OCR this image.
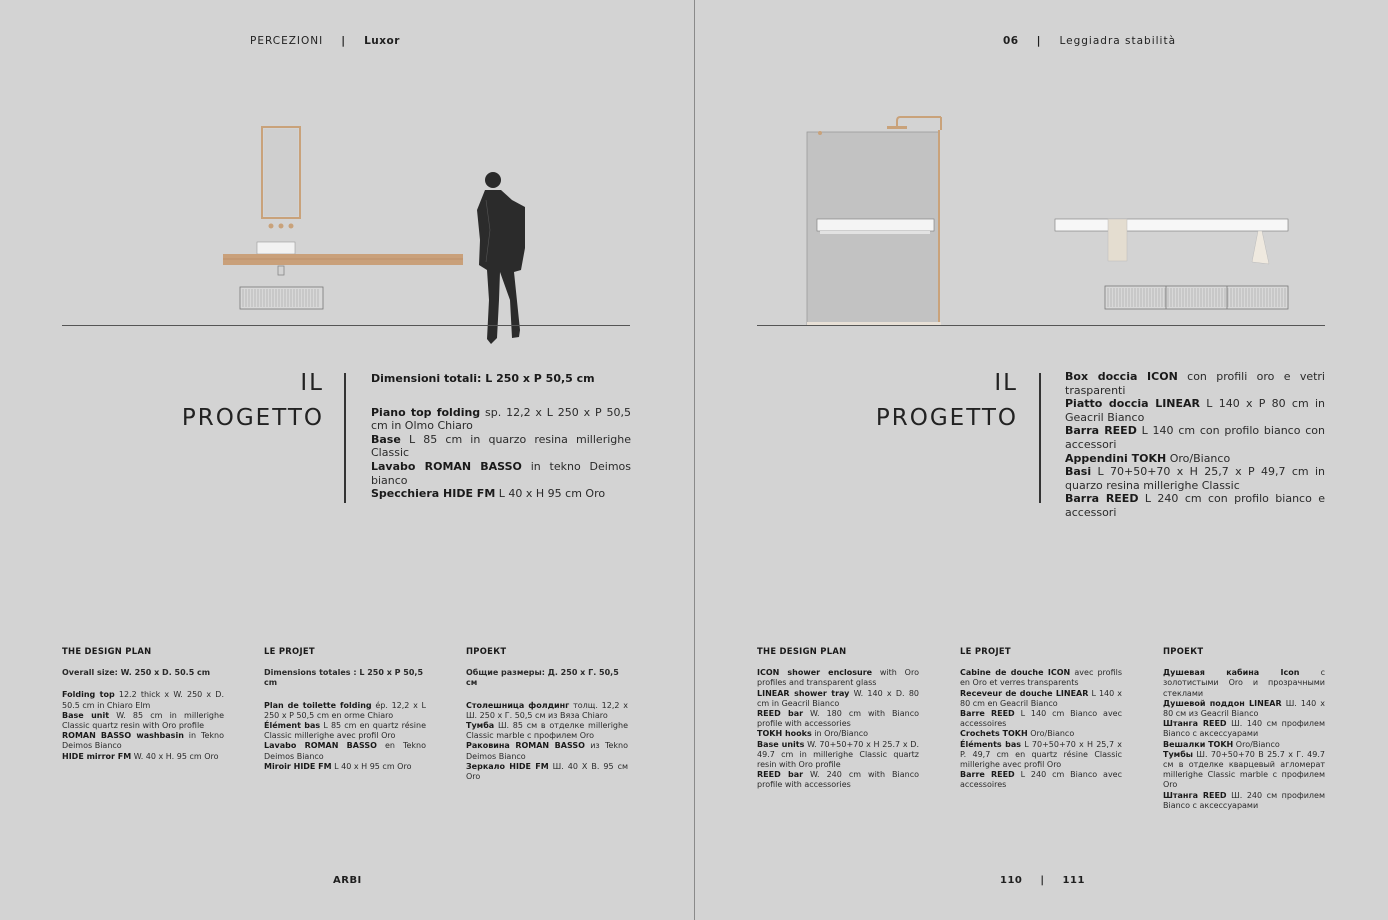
PERCEZIONI | Luxor
IL
PROGETTO

Dimensioni totali: L 250 x P 50,5 cm

Piano top folding sp. 12,2 x L 250 x P 50,5 cm in Olmo Chiaro

Base L 85 cm in quarzo resina millerighe Classic

Lavabo ROMAN BASSO in tekno Deimos bianco

Specchiera HIDE FM L 40 x H 95 cm Oro

THE DESIGN PLAN
Overall size: W. 250 x D. 50.5 cm

Folding top 12.2 thick x W. 250 x D. 50.5 cm in Chiaro Elm

Base unit W. 85 cm in millerighe Classic quartz resin with Oro profile

ROMAN BASSO washbasin in Tekno Deimos Bianco

HIDE mirror FM W. 40 x H. 95 cm Oro

LE PROJET
Dimensions totales : L 250 x P 50,5 cm

Plan de toilette folding ép. 12,2 x L 250 x P 50,5 cm en orme Chiaro

Élément bas L 85 cm en quartz résine Classic millerighe avec profil Oro

Lavabo ROMAN BASSO en Tekno Deimos Bianco

Miroir HIDE FM L 40 x H 95 cm Oro

ПРОЕКТ
Общие размеры: Д. 250 x Г. 50,5 см

Столешница фолдинг толщ. 12,2 x Ш. 250 x Г. 50,5 см из Вяза Chiaro

Тумба Ш. 85 см в отделке millerighe Classic marble с профилем Oro

Раковина ROMAN BASSO из Tekno Deimos Bianco

Зеркало HIDE FM Ш. 40 X В. 95 см Oro

ARBI
06 | Leggiadra stabilità
IL
PROGETTO

Box doccia ICON con profili oro e vetri trasparenti

Piatto doccia LINEAR L 140 x P 80 cm in Geacril Bianco

Barra REED L 140 cm con profilo bianco con accessori

Appendini TOKH Oro/Bianco

Basi L 70+50+70 x H 25,7 x P 49,7 cm in quarzo resina millerighe Classic

Barra REED L 240 cm con profilo bianco e accessori

THE DESIGN PLAN

ICON shower enclosure with Oro profiles and transparent glass

LINEAR shower tray W. 140 x D. 80 cm in Geacril Bianco

REED bar W. 180 cm with Bianco profile with accessories

TOKH hooks in Oro/Bianco

Base units W. 70+50+70 x H 25.7 x D. 49.7 cm in millerighe Classic quartz resin with Oro profile

REED bar W. 240 cm with Bianco profile with accessories

LE PROJET

Cabine de douche ICON avec profils en Oro et verres transparents

Receveur de douche LINEAR L 140 x 80 cm en Geacril Bianco

Barre REED L 140 cm Bianco avec accessoires

Crochets TOKH Oro/Bianco

Éléments bas L 70+50+70 x H 25,7 x P. 49,7 cm en quartz résine Classic millerighe avec profil Oro

Barre REED L 240 cm Bianco avec accessoires

ПРОЕКТ

Душевая кабина Icon с золотистыми Oro и прозрачными стеклами

Душевой поддон LINEAR Ш. 140 x 80 см из Geacril Bianco

Штанга REED Ш. 140 см профилем Bianco с аксессуарами

Вешалки TOKH Oro/Bianco

Тумбы Ш. 70+50+70 В 25.7 x Г. 49.7 см в отделке кварцевый агломерат millerighe Classic marble с профилем Oro

Штанга REED Ш. 240 см профилем Bianco с аксессуарами

110 | 111
